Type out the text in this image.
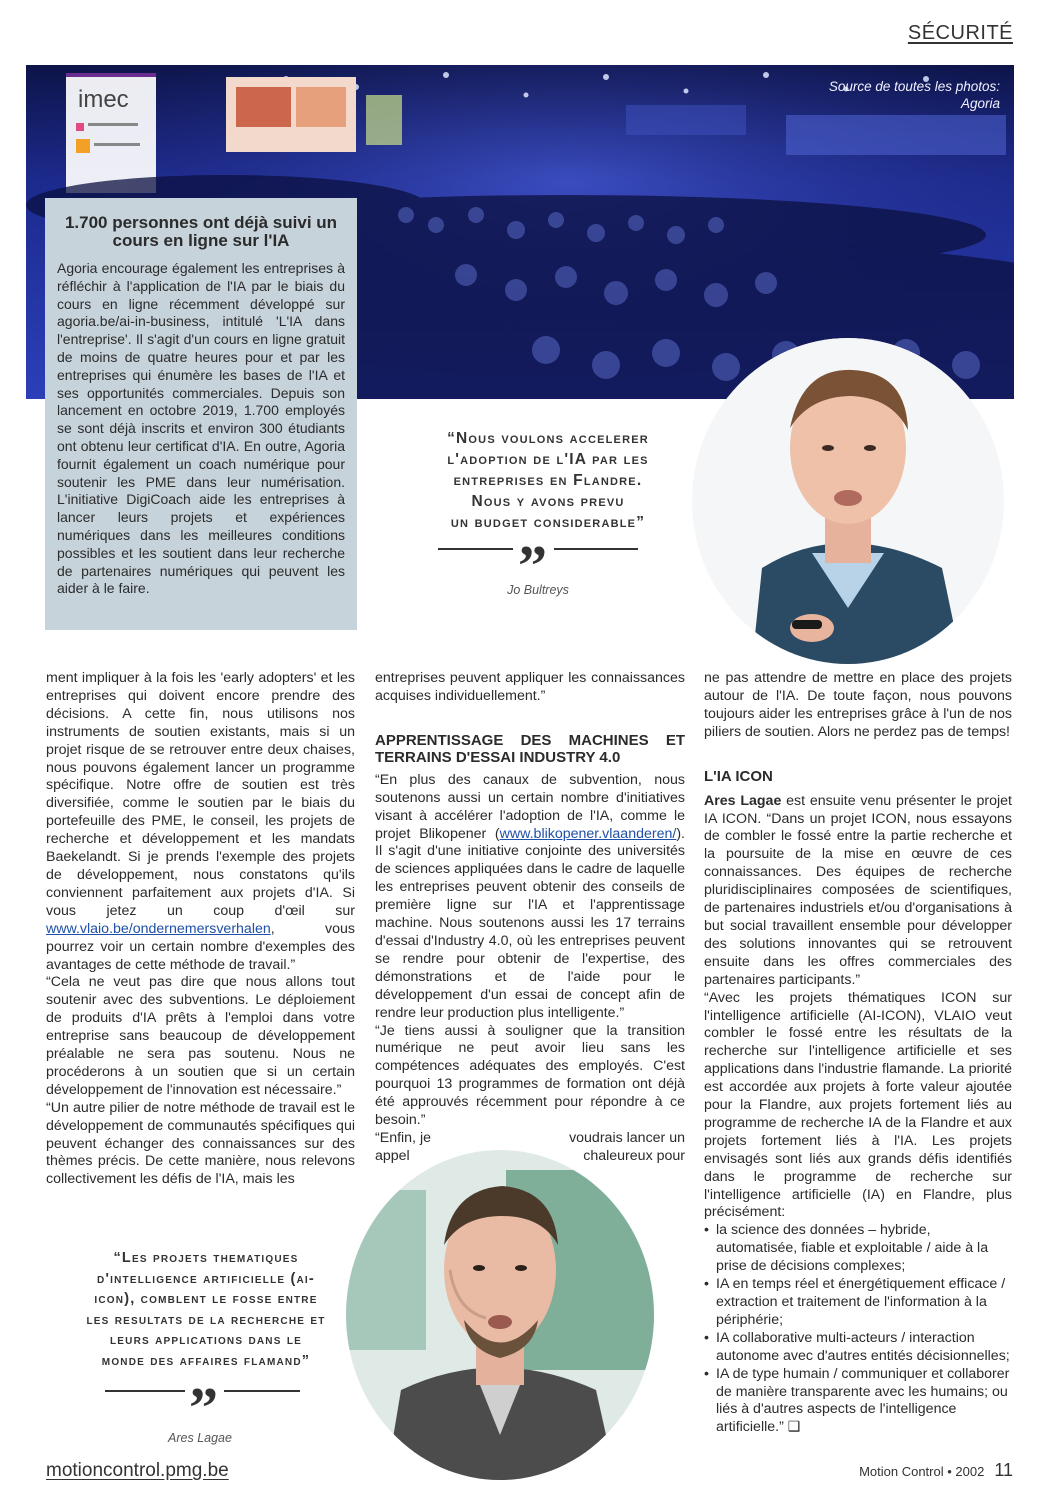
SÉCURITÉ
imec	Source de toutes les photos:
Agoria
1.700 personnes ont déjà suivi un cours en ligne sur l'IA

Agoria encourage également les entreprises à réfléchir à l'application de l'IA par le biais du cours en ligne récemment développé sur agoria.be/ai-in-business, intitulé 'L'IA dans l'entreprise'. Il s'agit d'un cours en ligne gratuit de moins de quatre heures pour et par les entreprises qui énumère les bases de l'IA et ses opportunités commerciales. Depuis son lancement en octobre 2019, 1.700 employés se sont déjà inscrits et environ 300 étudiants ont obtenu leur certificat d'IA. En outre, Agoria fournit également un coach numérique pour soutenir les PME dans leur numérisation. L'initiative DigiCoach aide les entreprises à lancer leurs projets et expériences numériques dans les meilleures conditions possibles et les soutient dans leur recherche de partenaires numériques qui peuvent les aider à le faire.

“Nous voulons accelerer
l'adoption de l'IA par les
entreprises en Flandre.
Nous y avons prevu
un budget considerable”
„
Jo Bultreys

ment impliquer à la fois les 'early adopters' et les entreprises qui doivent encore prendre des décisions. A cette fin, nous utilisons nos instruments de soutien existants, mais si un projet risque de se retrouver entre deux chaises, nous pouvons également lancer un programme spécifique. Notre offre de soutien est très diversifiée, comme le soutien par le biais du portefeuille des PME, le conseil, les projets de recherche et développement et les mandats Baekelandt. Si je prends l'exemple des projets de développement, nous constatons qu'ils conviennent parfaitement aux projets d'IA. Si vous jetez un coup d'œil sur www.vlaio.be/ondernemersverhalen, vous pourrez voir un certain nombre d'exemples des avantages de cette méthode de travail.”

“Cela ne veut pas dire que nous allons tout soutenir avec des subventions. Le déploiement de produits d'IA prêts à l'emploi dans votre entreprise sans beaucoup de développement préalable ne sera pas soutenu. Nous ne procéderons à un soutien que si un certain développement de l'innovation est nécessaire.”

“Un autre pilier de notre méthode de travail est le développement de communautés spécifiques qui peuvent échanger des connaissances sur des thèmes précis. De cette manière, nous relevons collectivement les défis de l'IA, mais les

entreprises peuvent appliquer les connaissances acquises individuellement.”

APPRENTISSAGE DES MACHINES ET TERRAINS D'ESSAI INDUSTRY 4.0

“En plus des canaux de subvention, nous soutenons aussi un certain nombre d'initiatives visant à accélérer l'adoption de l'IA, comme le projet Blikopener (www.blikopener.vlaanderen/). Il s'agit d'une initiative conjointe des universités de sciences appliquées dans le cadre de laquelle les entreprises peuvent obtenir des conseils de première ligne sur l'IA et l'apprentissage machine. Nous soutenons aussi les 17 terrains d'essai d'Industry 4.0, où les entreprises peuvent se rendre pour obtenir de l'expertise, des démonstrations et de l'aide pour le développement d'un essai de concept afin de rendre leur production plus intelligente.”

“Je tiens aussi à souligner que la transition numérique ne peut avoir lieu sans les compétences adéquates des employés. C'est pourquoi 13 programmes de formation ont déjà été approuvés récemment pour répondre à ce besoin.”

“Enfin, je	voudrais lancer un
appel	chaleureux pour

ne pas attendre de mettre en place des projets autour de l'IA. De toute façon, nous pouvons toujours aider les entreprises grâce à l'un de nos piliers de soutien. Alors ne perdez pas de temps!

L'IA ICON

Ares Lagae est ensuite venu présenter le projet IA ICON. “Dans un projet ICON, nous essayons de combler le fossé entre la partie recherche et la poursuite de la mise en œuvre de ces connaissances. Des équipes de recherche pluridisciplinaires composées de scientifiques, de partenaires industriels et/ou d'organisations à but social travaillent ensemble pour développer des solutions innovantes qui se retrouvent ensuite dans les offres commerciales des partenaires participants.”

“Avec les projets thématiques ICON sur l'intelligence artificielle (AI-ICON), VLAIO veut combler le fossé entre les résultats de la recherche sur l'intelligence artificielle et ses applications dans l'industrie flamande. La priorité est accordée aux projets à forte valeur ajoutée pour la Flandre, aux projets fortement liés au programme de recherche IA de la Flandre et aux projets fortement liés à l'IA. Les projets envisagés sont liés aux grands défis identifiés dans le programme de recherche sur l'intelligence artificielle (IA) en Flandre, plus précisément:

• la science des données – hybride, automatisée, fiable et exploitable / aide à la prise de décisions complexes;
• IA en temps réel et énergétiquement efficace / extraction et traitement de l'information à la périphérie;
• IA collaborative multi-acteurs / interaction autonome avec d'autres entités décisionnelles;
• IA de type humain / communiquer et collaborer de manière transparente avec les humains; ou liés à d'autres aspects de l'intelligence artificielle.” ❑
“Les projets thematiques
d'intelligence artificielle (ai-
icon), comblent le fosse entre
les resultats de la recherche et
leurs applications dans le
monde des affaires flamand”
„
Ares Lagae
motioncontrol.pmg.be	Motion Control • 2002 11
